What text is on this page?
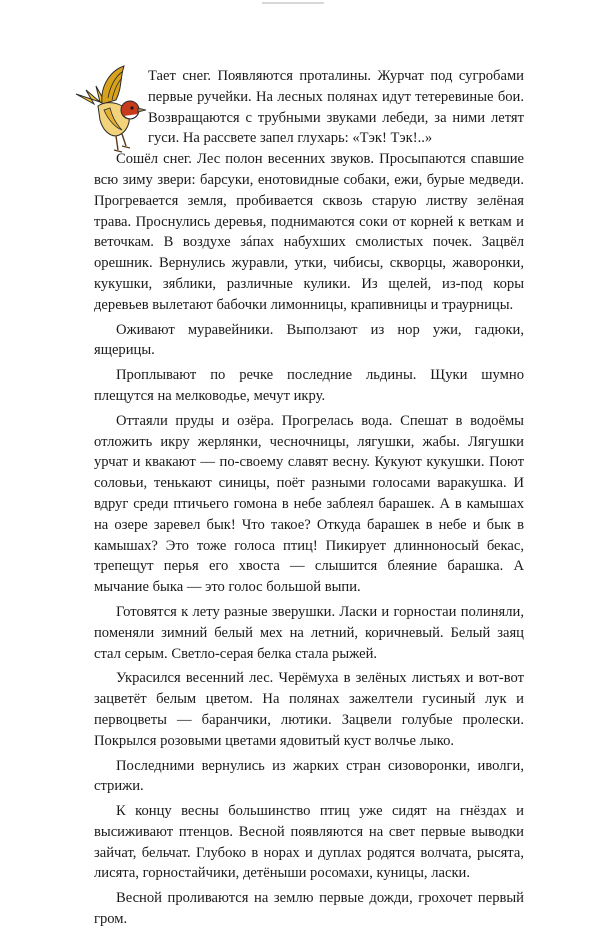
Тает снег. Появляются проталины. Журчат под сугробами первые ручейки. На лесных полянах идут тетеревиные бои. Возвращаются с трубными звуками лебеди, за ними летят гуси. На рассвете запел глухарь: «Тэк! Тэк!..»

Сошёл снег. Лес полон весенних звуков. Просыпаются спавшие всю зиму звери: барсуки, енотовидные собаки, ежи, бурые медведи. Прогревается земля, пробивается сквозь старую листву зелёная трава. Проснулись деревья, поднимаются соки от корней к веткам и веточкам. В воздухе зáпах набухших смолистых почек. Зацвёл орешник. Вернулись журавли, утки, чибисы, скворцы, жаворонки, кукушки, зяблики, различные кулики. Из щелей, из-под коры деревьев вылетают бабочки лимонницы, крапивницы и траурницы.

Оживают муравейники. Выползают из нор ужи, гадюки, ящерицы.

Проплывают по речке последние льдины. Щуки шумно плещутся на мелководье, мечут икру.

Оттаяли пруды и озёра. Прогрелась вода. Спешат в водоёмы отложить икру жерлянки, чесночницы, лягушки, жабы. Лягушки урчат и квакают — по-своему славят весну. Кукуют кукушки. Поют соловьи, тенькают синицы, поёт разными голосами варакушка. И вдруг среди птичьего гомона в небе заблеял барашек. А в камышах на озере заревел бык! Что такое? Откуда барашек в небе и бык в камышах? Это тоже голоса птиц! Пикирует длинноносый бекас, трепещут перья его хвоста — слышится блеяние барашка. А мычание быка — это голос большой выпи.

Готовятся к лету разные зверушки. Ласки и горностаи полиняли, поменяли зимний белый мех на летний, коричневый. Белый заяц стал серым. Светло-серая белка стала рыжей.

Украсился весенний лес. Черёмуха в зелёных листьях и вот-вот зацветёт белым цветом. На полянах зажелтели гусиный лук и первоцветы — баранчики, лютики. Зацвели голубые пролески. Покрылся розовыми цветами ядовитый куст волчье лыко.

Последними вернулись из жарких стран сизоворонки, иволги, стрижи.

К концу весны большинство птиц уже сидят на гнёздах и высиживают птенцов. Весной появляются на свет первые выводки зайчат, бельчат. Глубоко в норах и дуплах родятся волчата, рысята, лисята, горностайчики, детёныши росомахи, куницы, ласки.

Весной проливаются на землю первые дожди, грохочет первый гром.
